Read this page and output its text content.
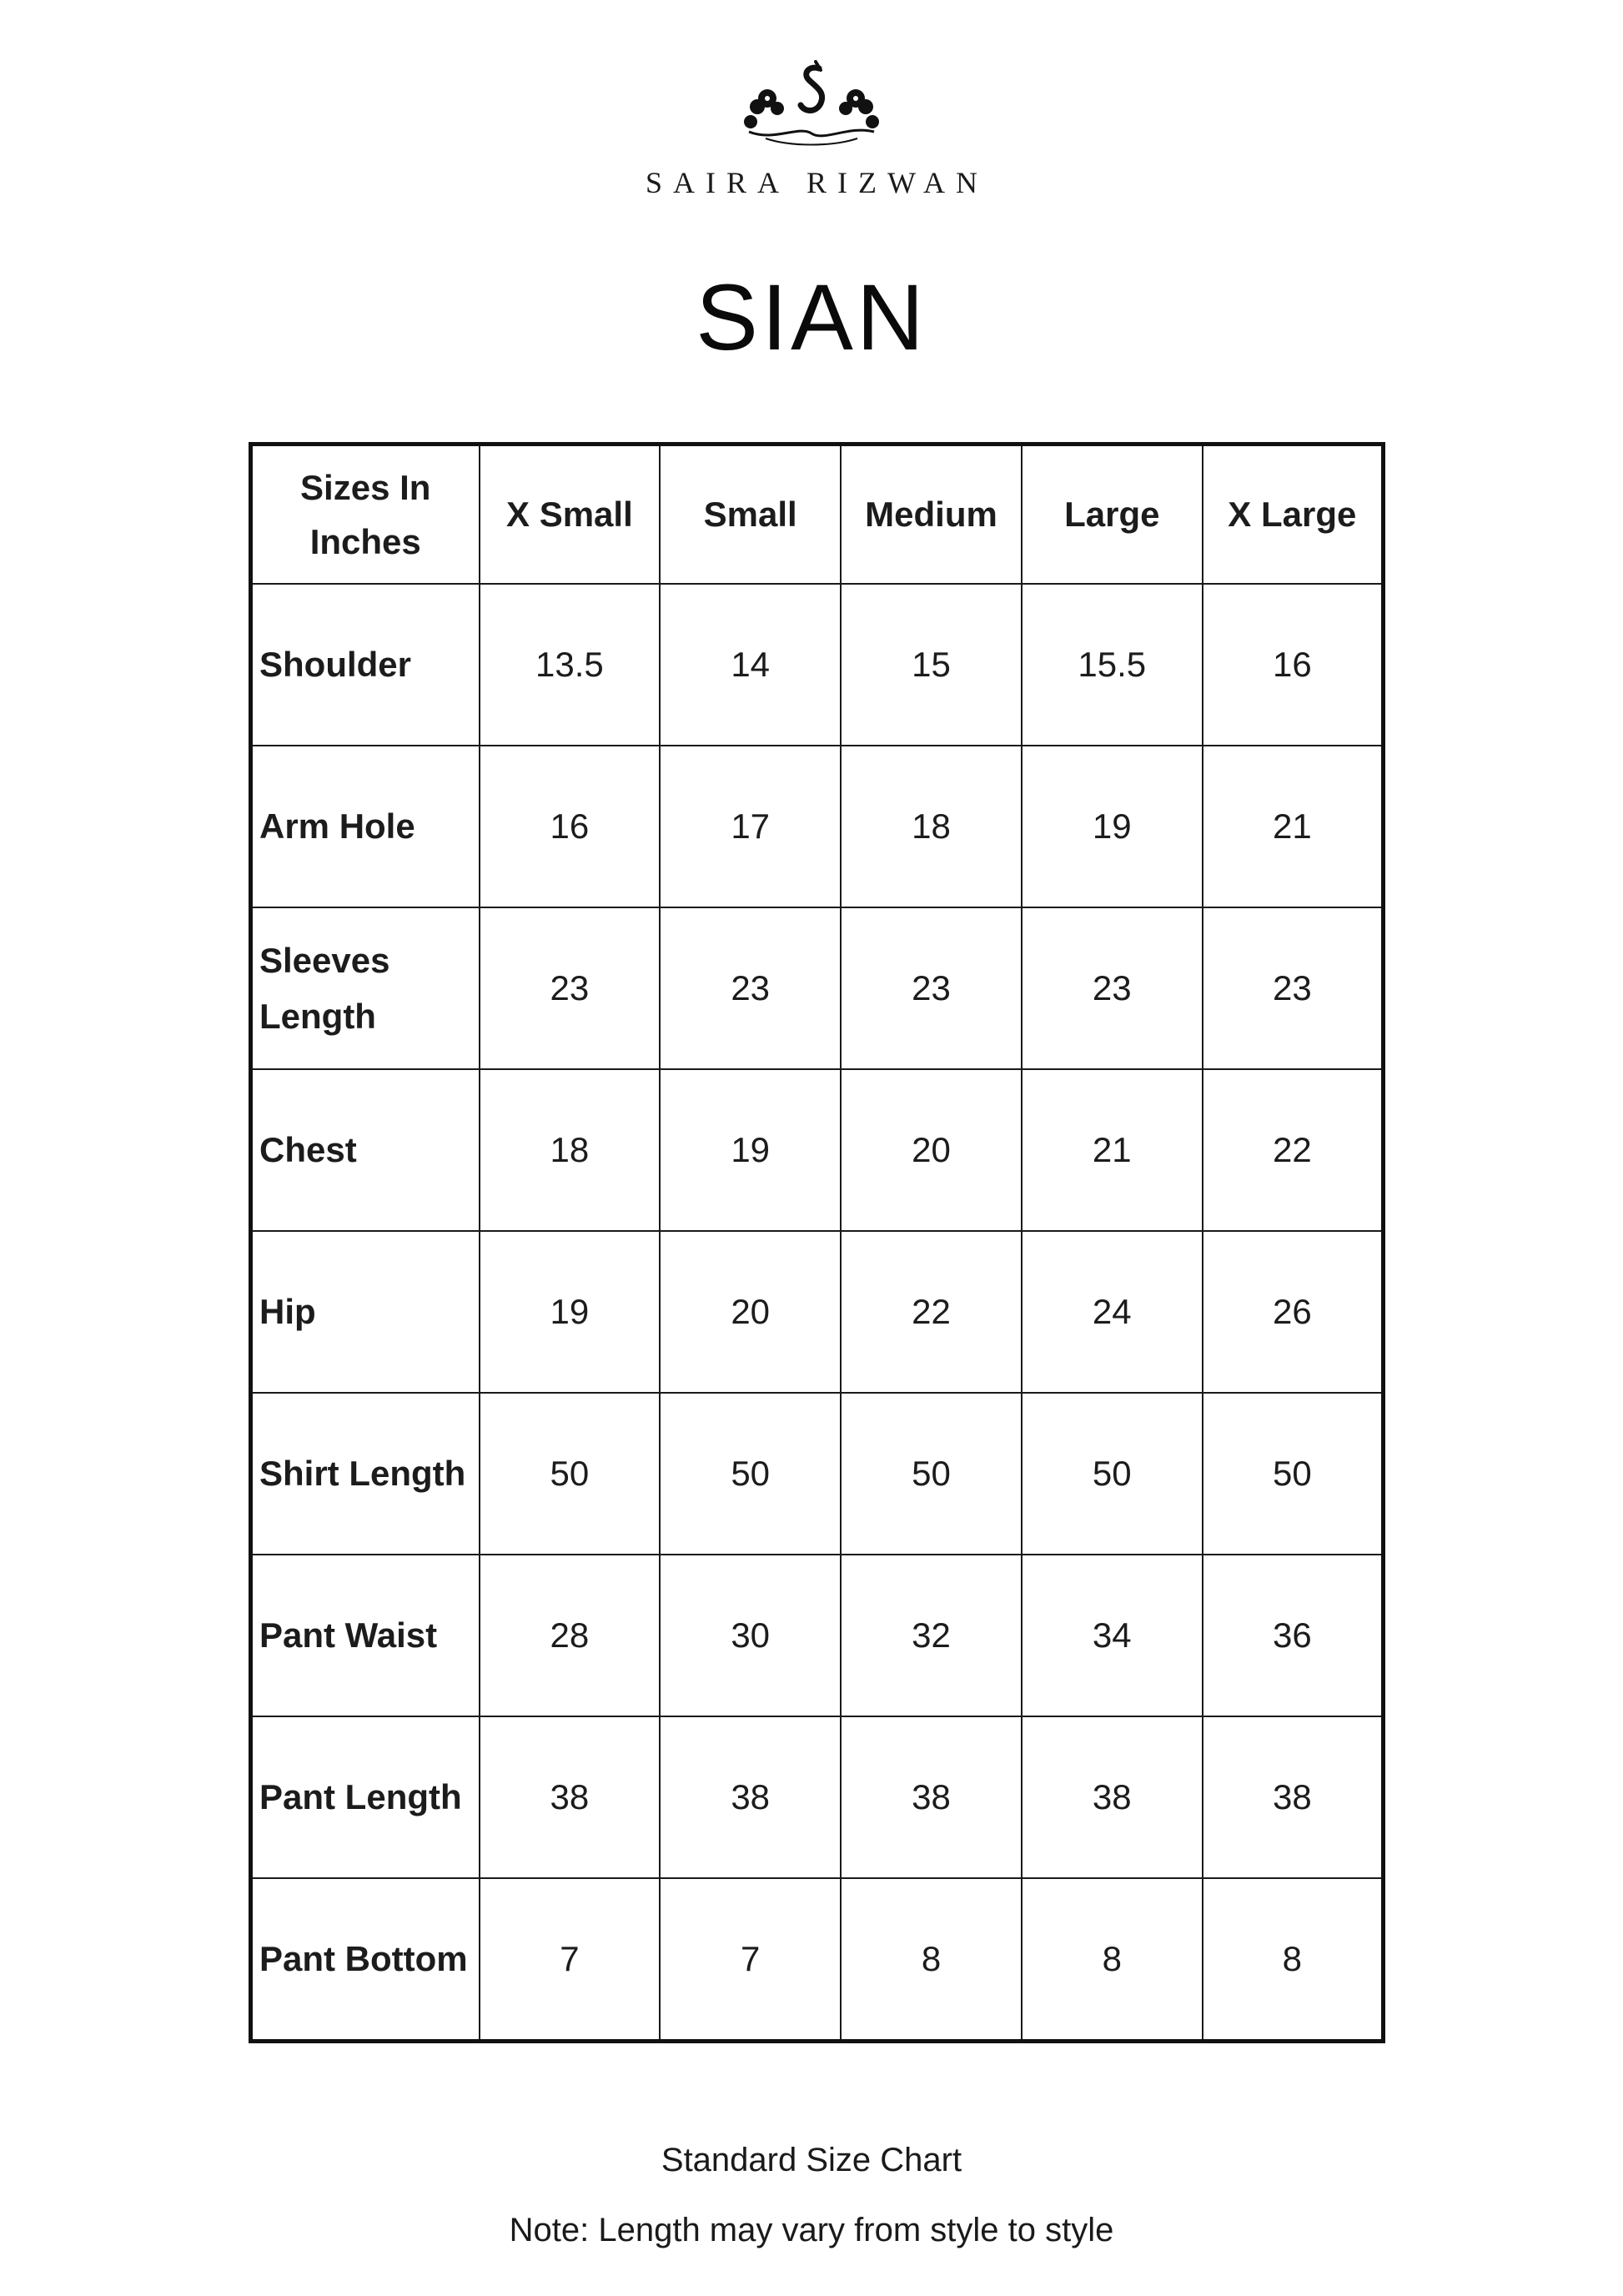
SAIRA RIZWAN
SIAN
Sizes In
Inches	X Small	Small	Medium	Large	X Large
Shoulder	13.5	14	15	15.5	16
Arm Hole	16	17	18	19	21
Sleeves
Length	23	23	23	23	23
Chest	18	19	20	21	22
Hip	19	20	22	24	26
Shirt Length	50	50	50	50	50
Pant Waist	28	30	32	34	36
Pant Length	38	38	38	38	38
Pant Bottom	7	7	8	8	8
Standard Size Chart
Note: Length may vary from style to style
